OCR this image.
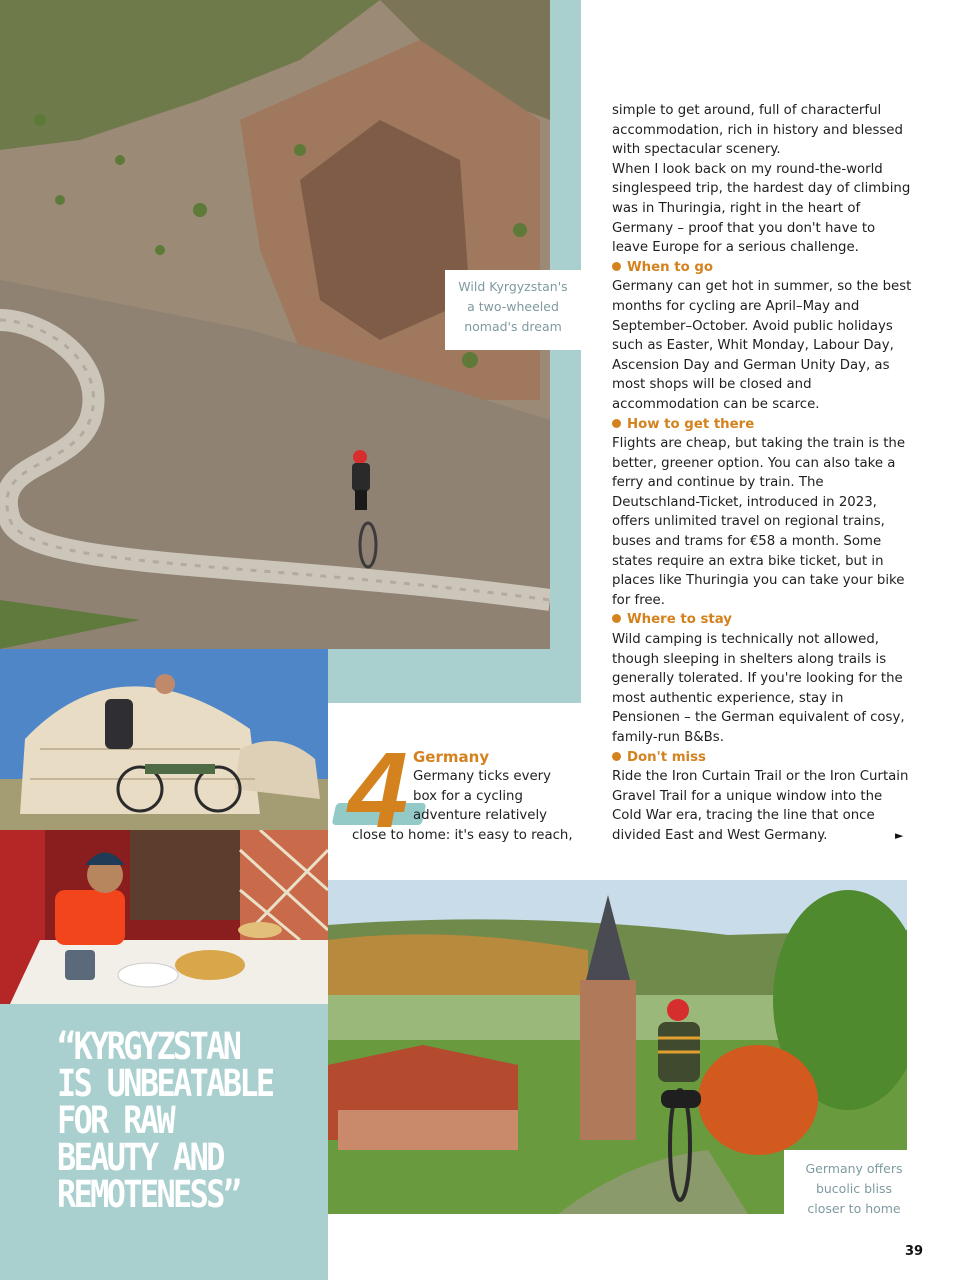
Wild Kyrgyzstan's
a two-wheeled
nomad's dream
Germany offers
bucolic bliss
closer to home
4 Germany
Germany ticks every
box for a cycling
adventure relatively
close to home: it's easy to reach,

simple to get around, full of characterful accommodation, rich in history and blessed with spectacular scenery.

When I look back on my round-the-world singlespeed trip, the hardest day of climbing was in Thuringia, right in the heart of Germany – proof that you don't have to leave Europe for a serious challenge.

When to go

Germany can get hot in summer, so the best months for cycling are April–May and September–October. Avoid public holidays such as Easter, Whit Monday, Labour Day, Ascension Day and German Unity Day, as most shops will be closed and accommodation can be scarce.

How to get there

Flights are cheap, but taking the train is the better, greener option. You can also take a ferry and continue by train. The Deutschland-Ticket, introduced in 2023, offers unlimited travel on regional trains, buses and trams for €58 a month. Some states require an extra bike ticket, but in places like Thuringia you can take your bike for free.

Where to stay

Wild camping is technically not allowed, though sleeping in shelters along trails is generally tolerated. If you're looking for the most authentic experience, stay in Pensionen – the German equivalent of cosy, family-run B&Bs.

Don't miss

Ride the Iron Curtain Trail or the Iron Curtain Gravel Trail for a unique window into the Cold War era, tracing the line that once divided East and West Germany.	►
“KYRGYZSTAN
IS UNBEATABLE
FOR RAW
BEAUTY AND
REMOTENESS”
39
